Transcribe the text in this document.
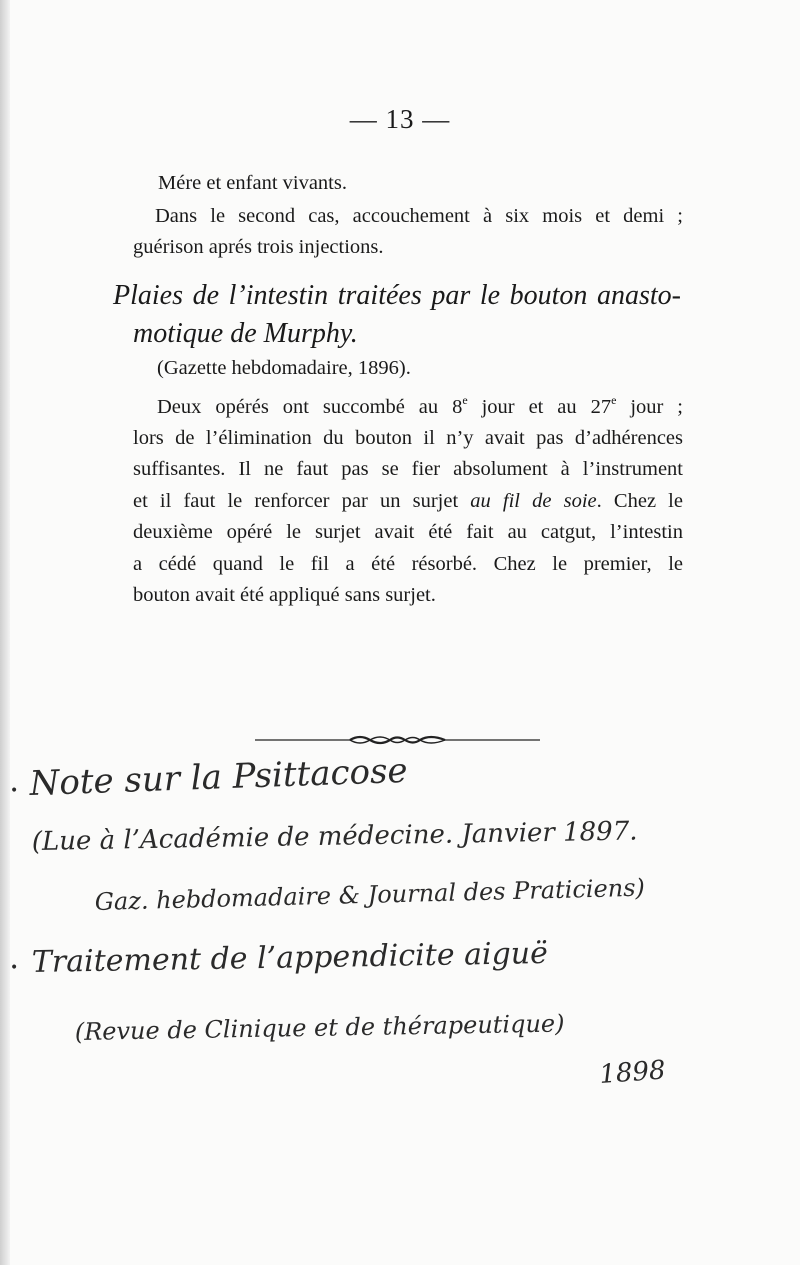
— 13 —
Mére et enfant vivants.
Dans le second cas, accouchement à six mois et demi ;
guérison aprés trois injections.
Plaies de l’intestin traitées par le bouton anasto-
motique de Murphy.
(Gazette hebdomadaire, 1896).
Deux opérés ont succombé au 8e jour et au 27e jour ;
lors de l’élimination du bouton il n’y avait pas d’adhérences
suffisantes. Il ne faut pas se fier absolument à l’instrument
et il faut le renforcer par un surjet au fil de soie. Chez le
deuxième opéré le surjet avait été fait au catgut, l’intestin
a cédé quand le fil a été résorbé. Chez le premier, le
bouton avait été appliqué sans surjet.
• Note sur la Psittacose
(Lue à l’Académie de médecine. Janvier 1897.
Gaz. hebdomadaire & Journal des Praticiens)
• Traitement de l’appendicite aiguë
(Revue de Clinique et de thérapeutique)
1898
